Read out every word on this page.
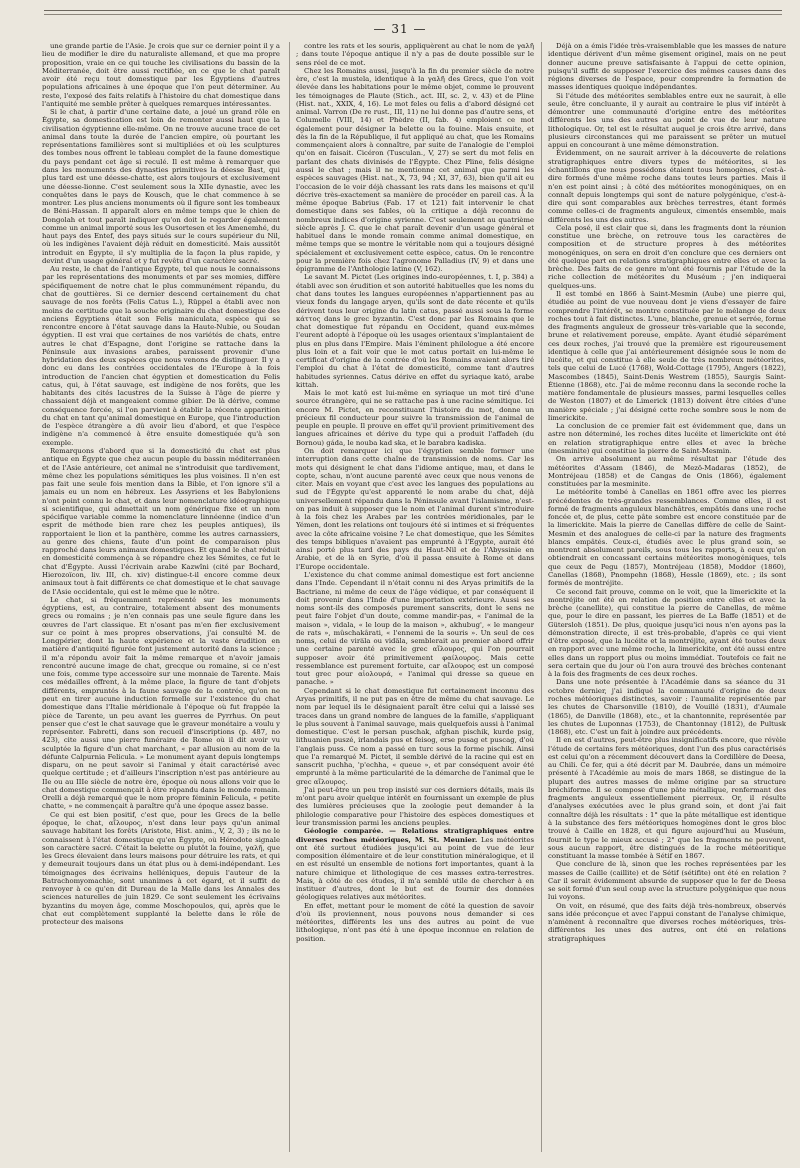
— 31 —

une grande partie de l'Asie. Je crois que sur ce dernier point il y a lieu de modifier le dire du naturaliste allemand, et que ma propre proposition, vraie en ce qui touche les civilisations du bassin de la Méditerranée, doit être aussi rectifiée, en ce que le chat paraît avoir été reçu tout domestique par les Égyptiens d'autres populations africaines à une époque que l'on peut déterminer. Au reste, l'exposé des faits relatifs à l'histoire du chat domestique dans l'antiquité me semble prêter à quelques remarques intéressantes.

Si le chat, à partir d'une certaine date, a joué un grand rôle en Égypte, sa domestication est loin de remonter aussi haut que la civilisation égyptienne elle-même. On ne trouve aucune trace de cet animal dans toute la durée de l'ancien empire, où pourtant les représentations familières sont si multipliées et où les sculptures des tombes nous offrent le tableau complet de la faune domestique du pays pendant cet âge si reculé. Il est même à remarquer que dans les monuments des dynasties primitives la déesse Bast, qui plus tard est une déesse-chatte, est alors toujours et exclusivement une déesse-lionne. C'est seulement sous la XIIe dynastie, avec les conquêtes dans le pays de Kousch, que le chat commence à se montrer. Les plus anciens monuments où il figure sont les tombeaux de Béni-Hassan. Il apparaît alors en même temps que le chien de Dongolah et tout paraît indiquer qu'on doit le regarder également comme un animal importé sous les Ousortesen et les Amenemhé, du haut pays des Entef, des pays situés sur le cours supérieur du Nil, où les indigènes l'avaient déjà réduit en domesticité. Mais aussitôt introduit en Égypte, il s'y multiplia de la façon la plus rapide, y devint d'un usage général et y fut revêtu d'un caractère sacré.

Au reste, le chat de l'antique Égypte, tel que nous le connaissons par les représentations des monuments et par ses momies, diffère spécifiquement de notre chat le plus communément répandu, du chat de gouttières. Si ce dernier descend certainement du chat sauvage de nos forêts (Felis Catus L.), Rüppel a établi avec non moins de certitude que la souche originaire du chat domestique des anciens Égyptiens était son Felis maniculata, espèce qui se rencontre encore à l'état sauvage dans la Haute-Nubie, ou Soudan égyptien. Il est vrai que certaines de nos variétés de chats, entre autres le chat d'Espagne, dont l'origine se rattache dans la Péninsule aux invasions arabes, paraissent provenir d'une hybridation des deux espèces que nous venons de distinguer. Il y a donc eu dans les contrées occidentales de l'Europe à la fois introduction de l'ancien chat égyptien et domestication du Felis catus, qui, à l'état sauvage, est indigène de nos forêts, que les habitants des cités lacustres de la Suisse à l'âge de pierre y chassaient déjà et mangeaient comme gibier. De là dérive, comme conséquence forcée, si l'on parvient à établir la récente apparition du chat en tant qu'animal domestique en Europe, que l'introduction de l'espèce étrangère a dû avoir lieu d'abord, et que l'espèce indigène n'a commencé à être ensuite domestiquée qu'à son exemple.

Remarquons d'abord que si la domesticité du chat est plus antique en Égypte que chez aucun peuple du bassin méditerranéen et de l'Asie antérieure, cet animal ne s'introduisit que tardivement, même chez les populations sémitiques les plus voisines. Il n'en est pas fait une seule fois mention dans la Bible, et l'on ignore s'il a jamais eu un nom en hébreux. Les Assyriens et les Babyloniens n'ont point connu le chat, et dans leur nomenclature idéographique si scientifique, qui admettait un nom générique fixe et un nom spécifique variable comme la nomenclature linnéenne (indice d'un esprit de méthode bien rare chez les peuples antiques), ils rapportaient le lion et la panthère, comme les autres carnassiers, au genre des chiens, faute d'un point de comparaison plus rapproché dans leurs animaux domestiques. Et quand le chat réduit en domesticité commença à se répandre chez les Sémites, ce fut le chat d'Égypte. Aussi l'écrivain arabe Kazwîni (cité par Bochard, Hierozoïcon, liv. III, ch. xiv) distingue-t-il encore comme deux animaux tout à fait différents ce chat domestique et le chat sauvage de l'Asie occidentale, qui est le même que le nôtre.

Le chat, si fréquemment représenté sur les monuments égyptiens, est, au contraire, totalement absent des monuments grecs ou romains ; je n'en connais pas une seule figure dans les œuvres de l'art classique. Et n'osant pas m'en fier exclusivement sur ce point à mes propres observations, j'ai consulté M. de Longpérier, dont la haute expérience et la vaste érudition en matière d'antiquité figurée font justement autorité dans la science ; il m'a répondu avoir fait la même remarque et n'avoir jamais rencontré aucune image de chat, grecque ou romaine, si ce n'est une fois, comme type accessoire sur une monnaie de Tarente. Mais ces médailles offrent, à la même place, la figure de tant d'objets différents, empruntés à la faune sauvage de la contrée, qu'on ne peut en tirer aucune induction formelle sur l'existence du chat domestique dans l'Italie méridionale à l'époque où fut frappée la pièce de Tarente, un peu avant les guerres de Pyrrhus. On peut penser que c'est le chat sauvage que le graveur monétaire a voulu y représenter. Fabretti, dans son recueil d'inscriptions (p. 487, no 423), cite aussi une pierre funéraire de Rome où il dit avoir vu sculptée la figure d'un chat marchant, « par allusion au nom de la défunte Calpurnia Felicula. » Le monument ayant depuis longtemps disparu, on ne peut savoir si l'animal y était caractérisé avec quelque certitude ; et d'ailleurs l'inscription n'est pas antérieure au IIe ou au IIIe siècle de notre ère, époque où nous allons voir que le chat domestique commençait à être répandu dans le monde romain. Orelli a déjà remarqué que le nom propre féminin Felicula, « petite chatte, » ne commençait à paraître qu'à une époque assez basse.

Ce qui est bien positif, c'est que, pour les Grecs de la belle époque, le chat, αἴλουρος, n'est dans leur pays qu'un animal sauvage habitant les forêts (Aristote, Hist. anim., V, 2, 3) ; ils ne le connaissent à l'état domestique qu'en Égypte, où Hérodote signale son caractère sacré. C'était la belette ou plutôt la fouine, γαλῆ, que les Grecs élevaient dans leurs maisons pour détruire les rats, et qui y demeurait toujours dans un état plus ou à demi-indépendant. Les témoignages des écrivains helléniques, depuis l'auteur de la Batrachomyomachie, sont unanimes à cet égard, et il suffit de renvoyer à ce qu'en dit Dureau de la Malle dans les Annales des sciences naturelles de juin 1829. Ce sont seulement les écrivains byzantins du moyen âge, comme Moschopoulos, qui, après que le chat eut complètement supplanté la belette dans le rôle de protecteur des maisons

contre les rats et les souris, appliquèrent au chat le nom de γαλῆ ; dans toute l'époque antique il n'y a pas de doute possible sur le sens réel de ce mot.

Chez les Romains aussi, jusqu'à la fin du premier siècle de notre ère, c'est la mustela, identique à la γαλῆ des Grecs, que l'on voit élevée dans les habitations pour le même objet, comme le prouvent les témoignages de Plaute (Stich., act. III, sc. 2, v. 43) et de Pline (Hist. nat., XXIX, 4, 16). Le mot feles ou felis a d'abord désigné cet animal. Varron (De re rust., III, 11) ne lui donne pas d'autre sens, et Columelle (VIII, 14) et Phèdre (II, fab. 4) emploient ce mot également pour désigner la belette ou la fouine. Mais ensuite, et dès la fin de la République, il fut appliqué au chat, que les Romains commençaient alors à connaître, par suite de l'analogie de l'emploi qu'on en faisait. Cicéron (Tusculan., V, 27) se sert du mot felis en parlant des chats divinisés de l'Égypte. Chez Pline, felis désigne aussi le chat ; mais il ne mentionne cet animal que parmi les espèces sauvages (Hist. nat., X, 73, 94 ; XI, 37, 63), bien qu'il ait eu l'occasion de le voir déjà chassant les rats dans les maisons et qu'il décrive très-exactement sa manière de procéder en pareil cas. À la même époque Babrius (Fab. 17 et 121) fait intervenir le chat domestique dans ses fables, où la critique a déjà reconnu de nombreux indices d'origine syrienne. C'est seulement au quatrième siècle après J. C. que le chat paraît devenir d'un usage général et habituel dans le monde romain comme animal domestique, en même temps que se montre le véritable nom qui a toujours désigné spécialement et exclusivement cette espèce, catus. On le rencontre pour la première fois chez l'agronome Palladius (IV, 9) et dans une épigramme de l'Anthologie latine (V, 162).

Le savant M. Pictet (Les origines indo-européennes, t. I, p. 384) a établi avec son érudition et son autorité habituelles que les noms du chat dans toutes les langues européennes n'appartiennent pas au vieux fonds du langage aryen, qu'ils sont de date récente et qu'ils dérivent tous leur origine du latin catus, passé aussi sous la forme κάττος dans le grec byzantin. C'est donc par les Romains que le chat domestique fut répandu en Occident, quand eux-mêmes l'eurent adopté à l'époque où les usages orientaux s'implantaient de plus en plus dans l'Empire. Mais l'éminent philologue a été encore plus loin et a fait voir que le mot catus portait en lui-même le certificat d'origine de la contrée d'où les Romains avaient alors tiré l'emploi du chat à l'état de domesticité, comme tant d'autres habitudes syriennes. Catus dérive en effet du syriaque kató, arabe kittah.

Mais le mot katô est lui-même en syriaque un mot tiré d'une source étrangère, qui ne se rattache pas à une racine sémitique. Ici encore M. Pictet, en reconstituant l'histoire du mot, donne un précieux fil conducteur pour suivre la transmission de l'animal de peuple en peuple. Il prouve en effet qu'il provient primitivement des langues africaines et dérive du type qui a produit l'affadeh (du Bornou) gáda, le nouba kad ska, et le barabra kadiska.

On doit remarquer ici que l'égyptien semble former une interruption dans cette chaîne de transmission de noms. Car les mots qui désignent le chat dans l'idiome antique, mau, et dans le copte, schau, n'ont aucune parenté avec ceux que nous venons de citer. Mais en voyant que c'est avec les langues des populations au sud de l'Égypte qu'est apparenté le nom arabe du chat, déjà universellement répandu dans la Péninsule avant l'islamisme, n'est-on pas induit à supposer que le nom et l'animal durent s'introduire à la fois chez les Arabes par les contrées méridionales, par le Yémen, dont les relations ont toujours été si intimes et si fréquentes avec la côte africaine voisine ? Le chat domestique, que les Sémites des temps bibliques n'avaient pas emprunté à l'Égypte, aurait été ainsi porté plus tard des pays du Haut-Nil et de l'Abyssinie en Arabie, et de là en Syrie, d'où il passa ensuite à Rome et dans l'Europe occidentale.

L'existence du chat comme animal domestique est fort ancienne dans l'Inde. Cependant il n'était connu ni des Aryas primitifs de la Bactriane, ni même de ceux de l'âge védique, et par conséquent il doit provenir dans l'Inde d'une importation extérieure. Aussi ses noms sont-ils des composés purement sanscrits, dont le sens ne peut faire l'objet d'un doute, comme mandir-pas, « l'animal de la maison », vidala, « le loup de la maison », akhubug', « le mangeur de rats », mûschakârati, « l'ennemi de la souris ». Un seul de ces noms, celui de vira̅la ou vida̅la, semblerait au premier abord offrir une certaine parenté avec le grec αἴλουρος, qui l'on pourrait supposer avoir été primitivement φαίλουρος. Mais cette ressemblance est purement fortuite, car αἴλουρος est un composé tout grec pour αἰολουρά, « l'animal qui dresse sa queue en panache. »

Cependant si le chat domestique fut certainement inconnu des Aryas primitifs, il ne put pas en être de même du chat sauvage. Le nom par lequel ils le désignaient paraît être celui qui a laissé ses traces dans un grand nombre de langues de la famille, s'appliquant le plus souvent à l'animal sauvage, mais quelquefois aussi à l'animal domestique. C'est le persan puschak, afghan pischik, kurde psig, lithuanien puszé, irlandais pus et feisog, erse pusag et puscag, d'où l'anglais puss. Ce nom a passé en turc sous la forme pischik. Ainsi que l'a remarqué M. Pictet, il semble dérivé de la racine qui est en sanscrit puchha, 'p'echha, « queue », et par conséquent avoir été emprunté à la même particularité de la démarche de l'animal que le grec αἴλουρος.

J'ai peut-être un peu trop insisté sur ces derniers détails, mais ils m'ont paru avoir quelque intérêt en fournissant un exemple de plus des lumières précieuses que la zoologie peut demander à la philologie comparative pour l'histoire des espèces domestiques et leur transmission parmi les anciens peuples.

Géologie comparée. — Relations stratigraphiques entre diverses roches météoriques, M. St. Meunier. Les météorites ont été surtout étudiées jusqu'ici au point de vue de leur composition élémentaire et de leur constitution minéralogique, et il en est résulté un ensemble de notions fort importantes, quant à la nature chimique et lithologique de ces masses extra-terrestres. Mais, à côté de ces études, il m'a semblé utile de chercher à en instituer d'autres, dont le but est de fournir des données géologiques relatives aux météorites.

En effet, mettant pour le moment de côté la question de savoir d'où ils proviennent, nous pouvons nous demander si ces météorites, différents les uns des autres au point de vue lithologique, n'ont pas été à une époque inconnue en relation de position.

Déjà on a émis l'idée très-vraisemblable que les masses de nature identique dérivent d'un même gisement originel, mais on ne peut donner aucune preuve satisfaisante à l'appui de cette opinion, puisqu'il suffit de supposer l'exercice des mêmes causes dans des régions diverses de l'espace, pour comprendre la formation de masses identiques quoique indépendantes.

Si l'étude des météorites semblables entre eux ne saurait, à elle seule, être concluante, il y aurait au contraire le plus vif intérêt à démontrer une communauté d'origine entre des météorites différents les uns des autres au point de vue de leur nature lithologique. Or, tel est le résultat auquel je crois être arrivé, dans plusieurs circonstances qui me paraissent se prêter un mutuel appui en concourant à une même démonstration.

Évidemment, on ne saurait arriver à la découverte de relations stratigraphiques entre divers types de météorites, si les échantillons que nous possédons étaient tous homogènes, c'est-à-dire formés d'une même roche dans toutes leurs parties. Mais il n'en est point ainsi ; à côté des météorites monogéniques, on en connaît depuis longtemps qui sont de nature polygénique, c'est-à-dire qui sont comparables aux brèches terrestres, étant formés comme celles-ci de fragments anguleux, cimentés ensemble, mais différents les uns des autres.

Cela posé, il est clair que si, dans les fragments dont la réunion constitue une brèche, on retrouve tous les caractères de composition et de structure propres à des météorites monogéniques, on sera en droit d'en conclure que ces derniers ont été quelque part en relations stratigraphiques entre elles et avec la brèche. Des faits de ce genre m'ont été fournis par l'étude de la riche collection de météorites du Muséum ; j'en indiquerai quelques-uns.

Il est tombé en 1866 à Saint-Mesmin (Aube) une pierre qui, étudiée au point de vue nouveau dont je viens d'essayer de faire comprendre l'intérêt, se montre constituée par le mélange de deux roches tout à fait distinctes. L'une, blanche, grenue et serrée, forme des fragments anguleux de grosseur très-variable que la seconde, brune et relativement poreuse, empâte. Ayant étudié séparément ces deux roches, j'ai trouvé que la première est rigoureusement identique à celle que j'ai antérieurement désignée sous le nom de lucéite, et qui constitue à elle seule de très nombreux météorites, tels que celui de Lucé (1768), Wold-Cottage (1795), Angers (1822), Mascombes (1845), Saint-Denis Westrem (1855), Saurgis Saint-Étienne (1868), etc. J'ai de même reconnu dans la seconde roche la matière fondamentale de plusieurs masses, parmi lesquelles celles de Weston (1807) et de Limerick (1813) doivent être citées d'une manière spéciale ; j'ai désigné cette roche sombre sous le nom de limerickite.

La conclusion de ce premier fait est évidemment que, dans un astre non déterminé, les roches dites lucéite et limerickite ont été en relation stratigraphique entre elles et avec la brèche (mesminite) qui constitue la pierre de Saint-Mesmin.

On arrive absolument au même résultat par l'étude des météorites d'Assam (1846), de Mezö-Madaras (1852), de Montréjeau (1858) et de Cangas de Onis (1866), également constituées par la mesminite.

Le météorite tombé à Canellas en 1861 offre avec les pierres précédentes de très-grandes ressemblances. Comme elles, il est formé de fragments anguleux blanchâtres, empâtés dans une roche foncée et, de plus, cette pâte sombre est encore constituée par de la limerickite. Mais la pierre de Canellas diffère de celle de Saint-Mesmin et des analogues de celle-ci par la nature des fragments blancs empâtés. Ceux-ci, étudiés avec le plus grand soin, se montrent absolument pareils, sous tous les rapports, à ceux qu'on obtiendrait en concassant certains météorites monogéniques, tels que ceux de Pegu (1857), Montréjeau (1858), Moddor (1860), Canellas (1868), Pnompehn (1868), Hessle (1869), etc. ; ils sont formés de montréjite.

Ce second fait prouve, comme on le voit, que la limerickite et la montréjite ont été en relation de position entre elles et avec la brèche (canellite), qui constitue la pierre de Canellas, de même que, pour le dire en passant, les pierres de La Baffe (1851) et de Gütersloh (1851). De plus, quoique jusqu'ici nous n'en ayons pas la démonstration directe, il est très-probable, d'après ce qui vient d'être exposé, que la lucéite et la montréjite, ayant été toutes deux en rapport avec une même roche, la limerickite, ont été aussi entre elles dans un rapport plus ou moins immédiat. Toutefois ce fait ne sera certain que du jour où l'on aura trouvé des brèches contenant à la fois des fragments de ces deux roches.

Dans une note présentée à l'Académie dans sa séance du 31 octobre dernier, j'ai indiqué la communauté d'origine de deux roches météoriques distinctes, savoir : l'aumalite représentée par les chutes de Charsonville (1810), de Vouillé (1831), d'Aumale (1865), de Danville (1868), etc., et la chantonnite, représentée par les chutes de Luponnas (1753), de Chantonnay (1812), de Pultusk (1868), etc. C'est un fait à joindre aux précédents.

Il en est d'autres, peut-être plus insignificatifs encore, que révèle l'étude de certains fers météoriques, dont l'un des plus caractérisés est celui qu'on a récemment découvert dans la Cordillère de Deesa, au Chili. Ce fer, qui a été décrit par M. Daubrée, dans un mémoire présenté à l'Académie au mois de mars 1868, se distingue de la plupart des autres masses de même origine par sa structure bréchiforme. Il se compose d'une pâte métallique, renfermant des fragments anguleux essentiellement pierreux. Or, il résulte d'analyses exécutées avec le plus grand soin, et dont j'ai fait connaître déjà les résultats : 1° que la pâte métallique est identique à la substance des fers météoriques homogènes dont le gros bloc trouvé à Caille en 1828, et qui figure aujourd'hui au Muséum, fournit le type le mieux accusé ; 2° que les fragments ne peuvent, sous aucun rapport, être distingués de la roche météoritique constituant la masse tombée à Sétif en 1867.

Que conclure de là, sinon que les roches représentées par les masses de Caille (caillite) et de Sétif (sétifite) ont été en relation ? Car il serait évidemment absurde de supposer que le fer de Deesa se soit formé d'un seul coup avec la structure polygénique que nous lui voyons.

On voit, en résumé, que des faits déjà très-nombreux, observés sans idée préconçue et avec l'appui constant de l'analyse chimique, n'amènent à reconnaître que diverses roches météoriques, très-différentes les unes des autres, ont été en relations stratigraphiques
